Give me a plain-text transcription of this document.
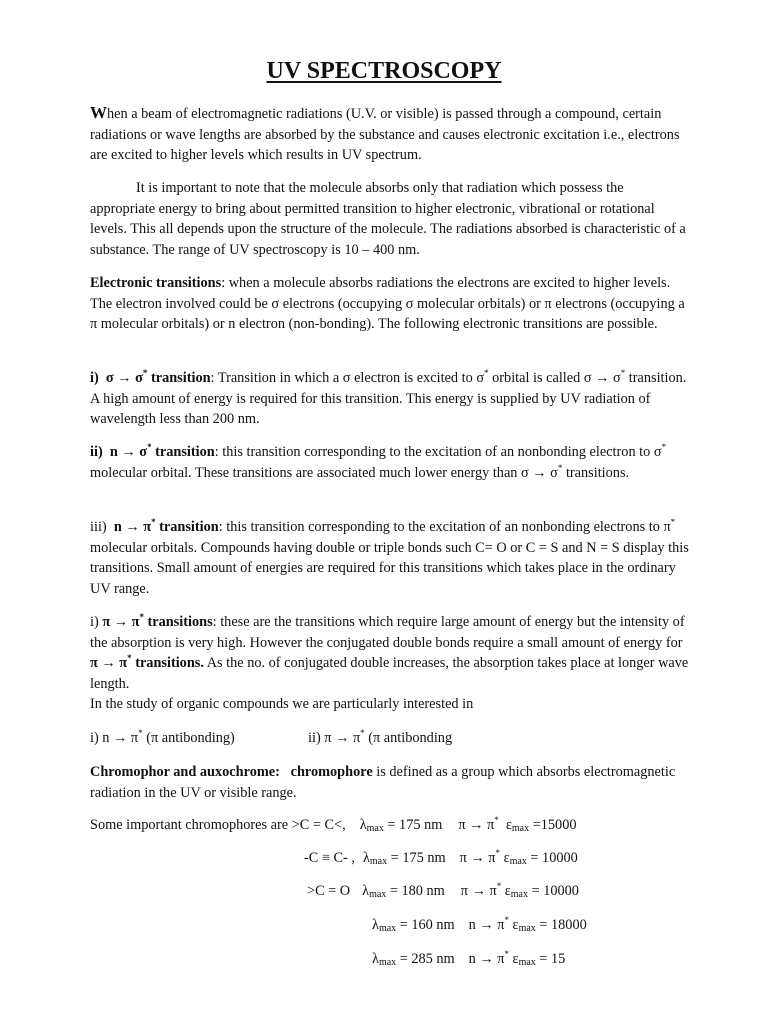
UV SPECTROSCOPY
When a beam of electromagnetic radiations (U.V. or visible) is passed through a compound, certain radiations or wave lengths are absorbed by the substance and causes electronic excitation i.e., electrons are excited to higher levels which results in UV spectrum.
It is important to note that the molecule absorbs only that radiation which possess the appropriate energy to bring about permitted transition to higher electronic, vibrational or rotational levels. This all depends upon the structure of the molecule. The radiations absorbed is characteristic of a substance. The range of UV spectroscopy is 10 – 400 nm.
Electronic transitions: when a molecule absorbs radiations the electrons are excited to higher levels. The electron involved could be σ electrons (occupying σ molecular orbitals) or π electrons (occupying a π molecular orbitals) or n electron (non-bonding). The following electronic transitions are possible.
i) σ → σ* transition: Transition in which a σ electron is excited to σ* orbital is called σ → σ* transition. A high amount of energy is required for this transition. This energy is supplied by UV radiation of wavelength less than 200 nm.
ii) n → σ* transition: this transition corresponding to the excitation of an nonbonding electron to σ* molecular orbital. These transitions are associated much lower energy than σ → σ* transitions.
iii) n → π* transition: this transition corresponding to the excitation of an nonbonding electrons to π* molecular orbitals. Compounds having double or triple bonds such C= O or C = S and N = S display this transitions. Small amount of energies are required for this transitions which takes place in the ordinary UV range.
i) π → π* transitions: these are the transitions which require large amount of energy but the intensity of the absorption is very high. However the conjugated double bonds require a small amount of energy for π → π* transitions. As the no. of conjugated double increases, the absorption takes place at longer wave length.
In the study of organic compounds we are particularly interested in
i) n → π* (π antibonding)	ii) π → π* (π antibonding
Chromophor and auxochrome: chromophore is defined as a group which absorbs electromagnetic radiation in the UV or visible range.
Some important chromophores are >C = C<, $\lambda_{max} = 175$ nm π → π* $\varepsilon_{max} =15000$
-C ≡ C- , $\lambda_{max} = 175$ nm π → π* $\varepsilon_{max} = 10000$
>C = O $\lambda_{max} = 180$ nm π → π* $\varepsilon_{max} = 10000$
$\lambda_{max} = 160$ nm n → π* $\varepsilon_{max} = 18000$
$\lambda_{max} = 285$ nm n → π* $\varepsilon_{max} = 15$
